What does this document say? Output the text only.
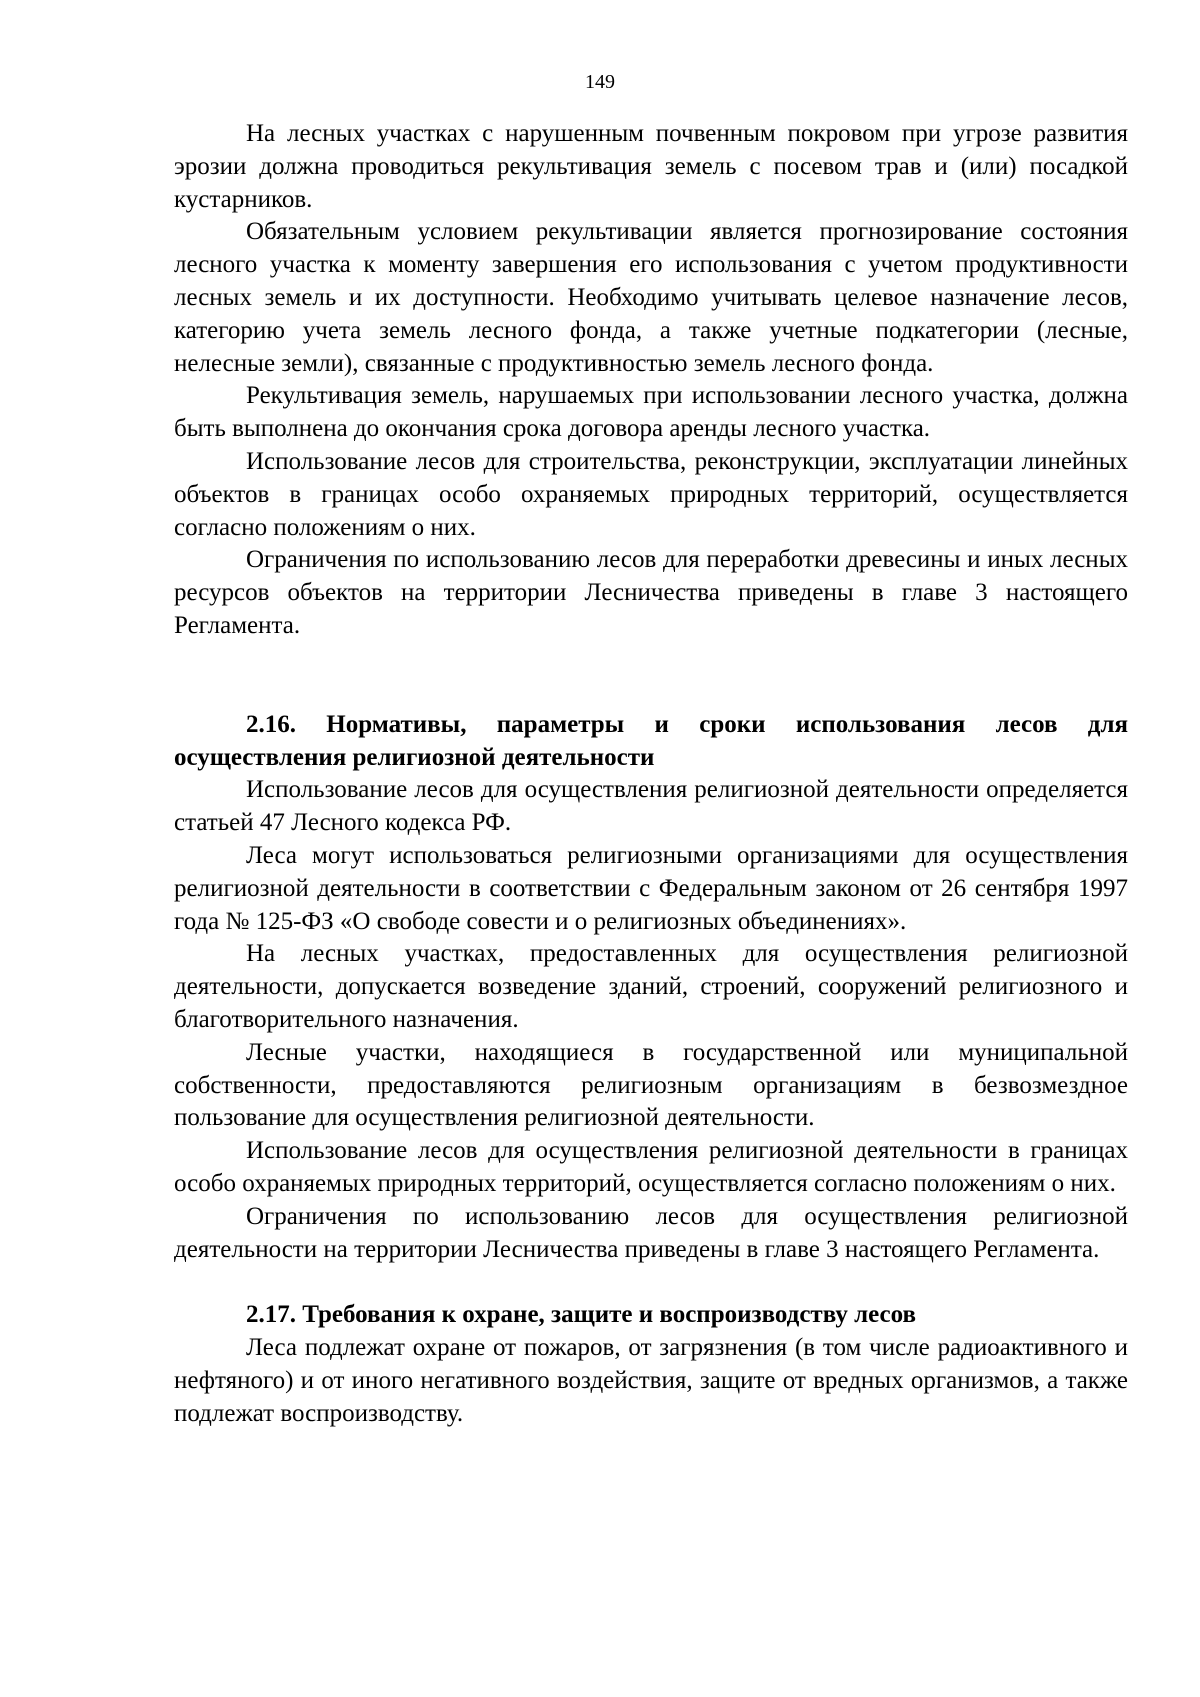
149

На лесных участках с нарушенным почвенным покровом при угрозе развития эрозии должна проводиться рекультивация земель с посевом трав и (или) посадкой кустарников.

Обязательным условием рекультивации является прогнозирование состояния лесного участка к моменту завершения его использования с учетом продуктивности лесных земель и их доступности. Необходимо учитывать целевое назначение лесов, категорию учета земель лесного фонда, а также учетные подкатегории (лесные, нелесные земли), связанные с продуктивностью земель лесного фонда.

Рекультивация земель, нарушаемых при использовании лесного участка, должна быть выполнена до окончания срока договора аренды лесного участка.

Использование лесов для строительства, реконструкции, эксплуатации линейных объектов в границах особо охраняемых природных территорий, осуществляется согласно положениям о них.

Ограничения по использованию лесов для переработки древесины и иных лесных ресурсов объектов на территории Лесничества приведены в главе 3 настоящего Регламента.

2.16. Нормативы, параметры и сроки использования лесов для осуществления религиозной деятельности

Использование лесов для осуществления религиозной деятельности определяется статьей 47 Лесного кодекса РФ.

Леса могут использоваться религиозными организациями для осуществления религиозной деятельности в соответствии с Федеральным законом от 26 сентября 1997 года № 125-ФЗ «О свободе совести и о религиозных объединениях».

На лесных участках, предоставленных для осуществления религиозной деятельности, допускается возведение зданий, строений, сооружений религиозного и благотворительного назначения.

Лесные участки, находящиеся в государственной или муниципальной собственности, предоставляются религиозным организациям в безвозмездное пользование для осуществления религиозной деятельности.

Использование лесов для осуществления религиозной деятельности в границах особо охраняемых природных территорий, осуществляется согласно положениям о них.

Ограничения по использованию лесов для осуществления религиозной деятельности на территории Лесничества приведены в главе 3 настоящего Регламента.

2.17. Требования к охране, защите и воспроизводству лесов

Леса подлежат охране от пожаров, от загрязнения (в том числе радиоактивного и нефтяного) и от иного негативного воздействия, защите от вредных организмов, а также подлежат воспроизводству.
